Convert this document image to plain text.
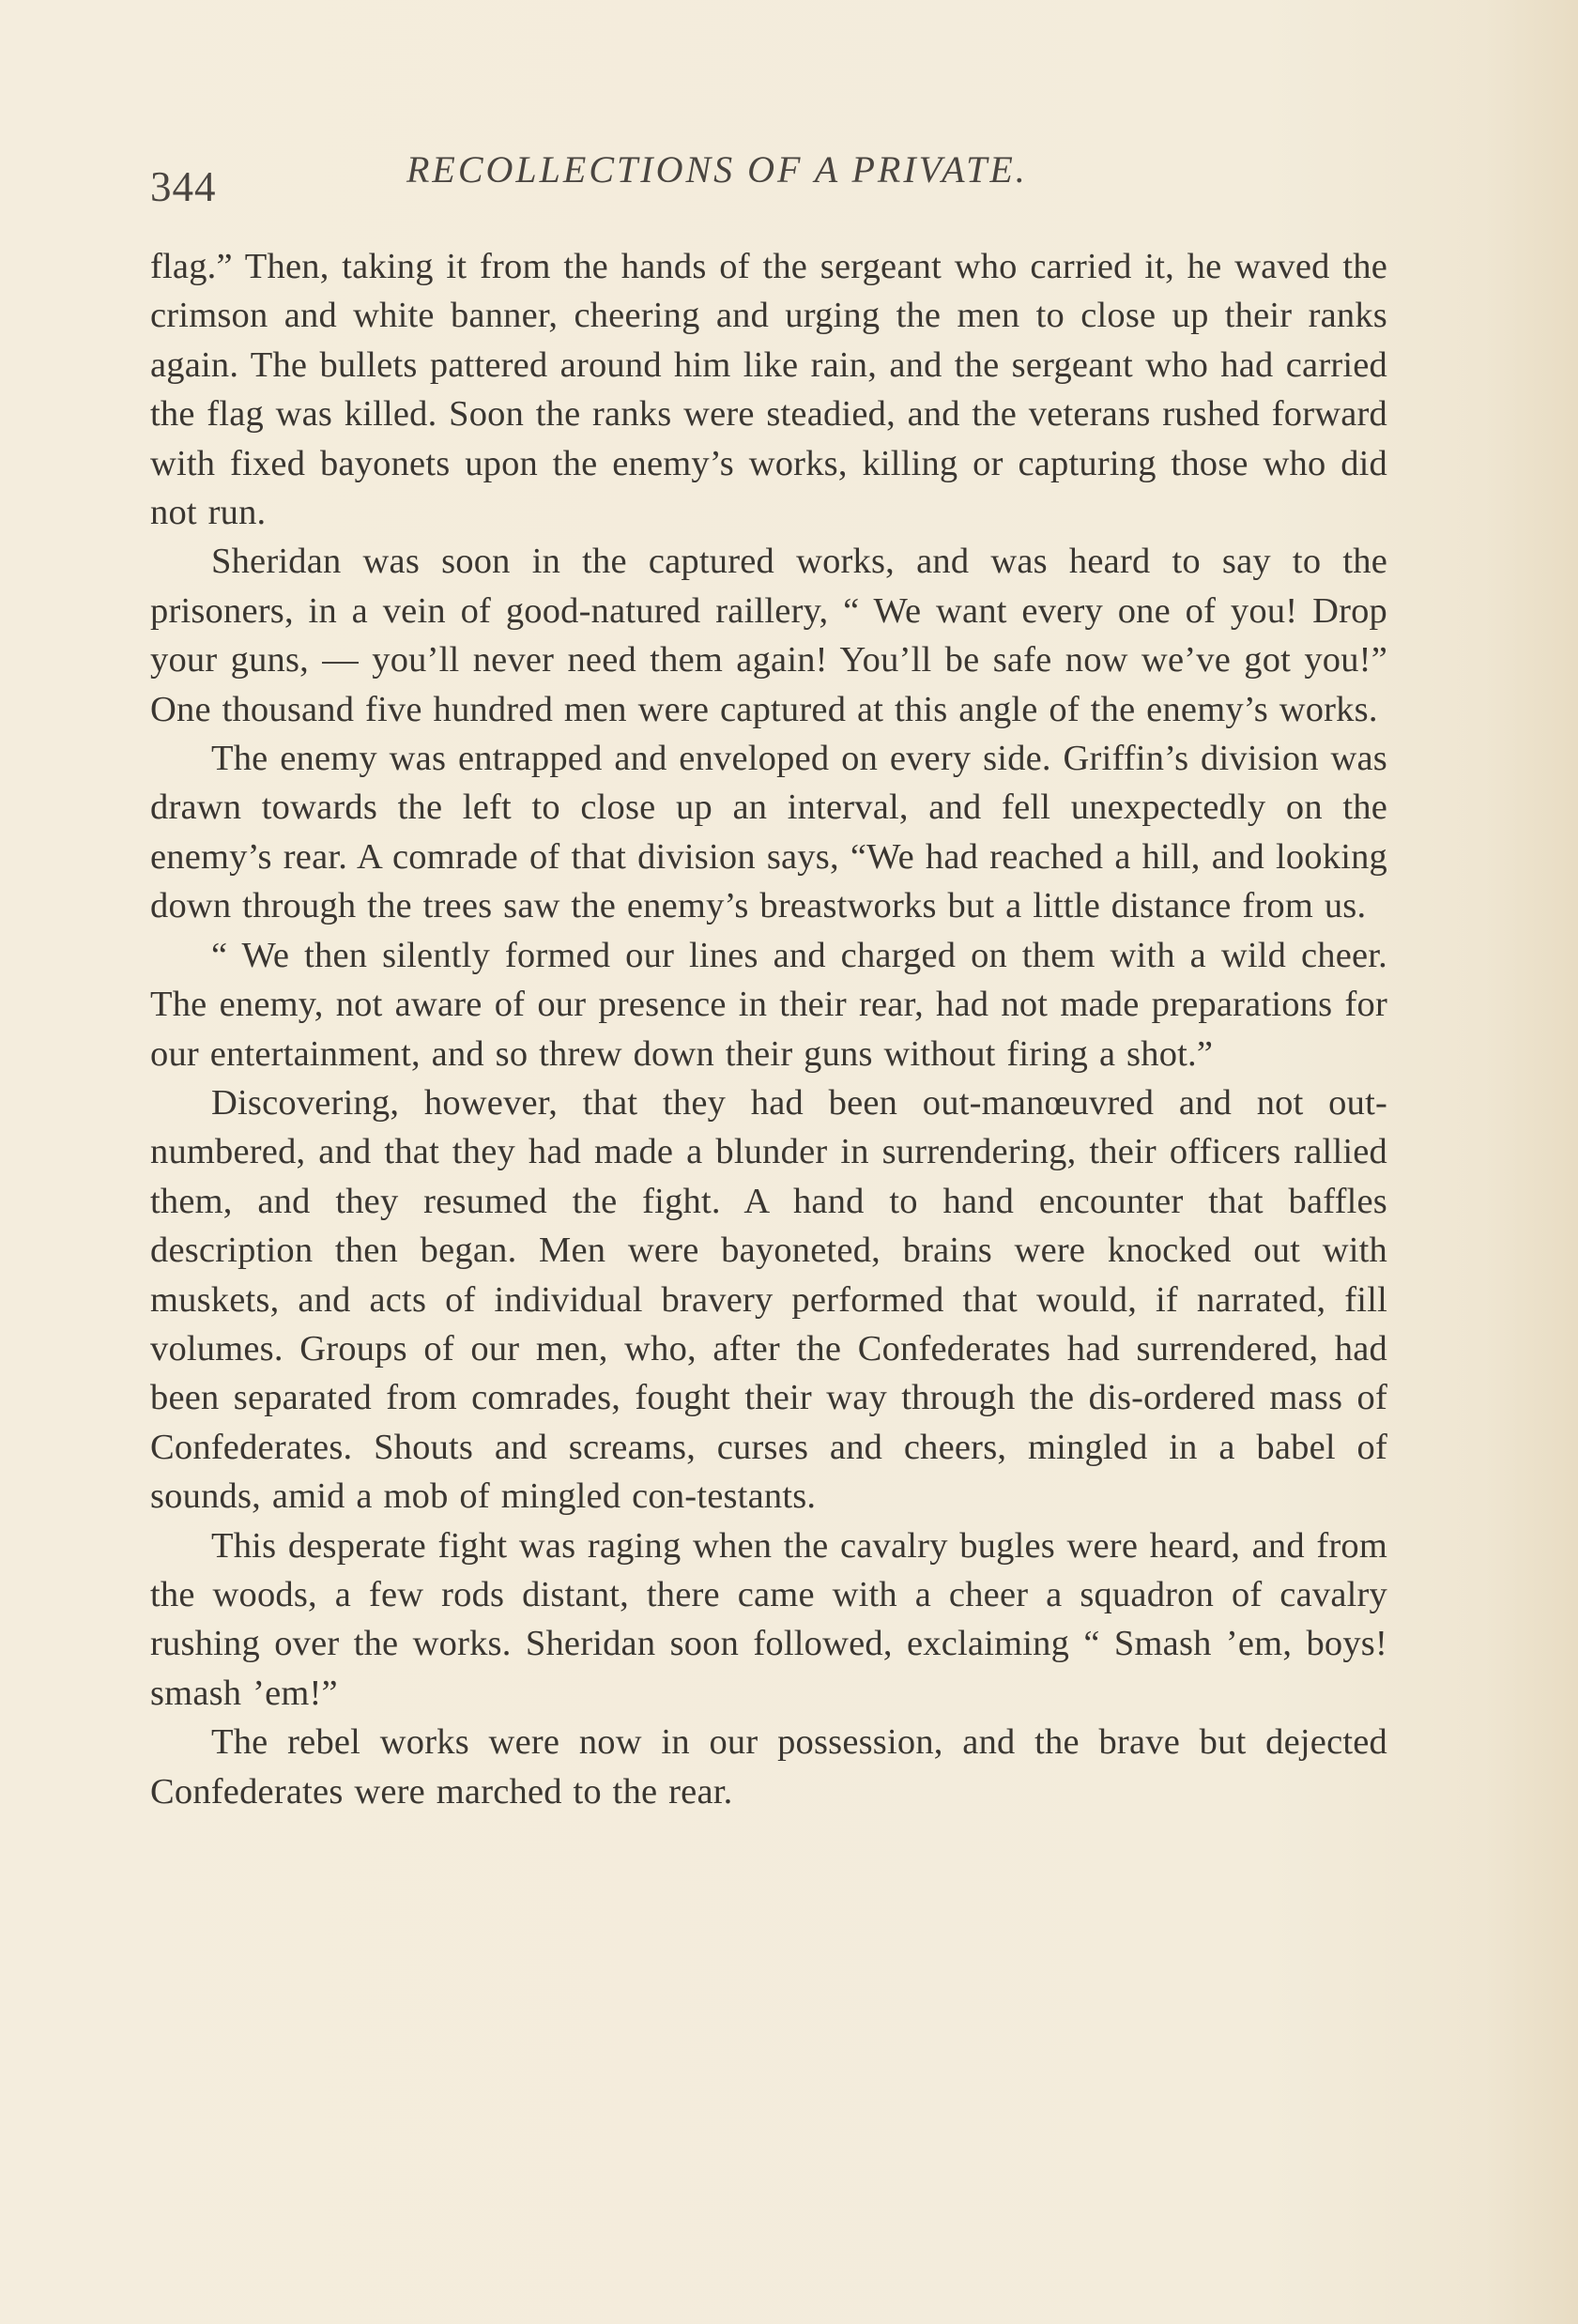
344	RECOLLECTIONS OF A PRIVATE.

flag.” Then, taking it from the hands of the sergeant who carried it, he waved the crimson and white banner, cheering and urging the men to close up their ranks again. The bullets pattered around him like rain, and the sergeant who had carried the flag was killed. Soon the ranks were steadied, and the veterans rushed forward with fixed bayonets upon the enemy’s works, killing or capturing those who did not run.

Sheridan was soon in the captured works, and was heard to say to the prisoners, in a vein of good-natured raillery, “ We want every one of you! Drop your guns, — you’ll never need them again! You’ll be safe now we’ve got you!” One thousand five hundred men were captured at this angle of the enemy’s works.

The enemy was entrapped and enveloped on every side. Griffin’s division was drawn towards the left to close up an interval, and fell unexpectedly on the enemy’s rear. A comrade of that division says, “We had reached a hill, and looking down through the trees saw the enemy’s breastworks but a little distance from us.

“ We then silently formed our lines and charged on them with a wild cheer. The enemy, not aware of our presence in their rear, had not made preparations for our entertainment, and so threw down their guns without firing a shot.”

Discovering, however, that they had been out-manœuvred and not out-numbered, and that they had made a blunder in surrendering, their officers rallied them, and they resumed the fight. A hand to hand encounter that baffles description then began. Men were bayoneted, brains were knocked out with muskets, and acts of individual bravery performed that would, if narrated, fill volumes. Groups of our men, who, after the Confederates had surrendered, had been separated from comrades, fought their way through the dis-ordered mass of Confederates. Shouts and screams, curses and cheers, mingled in a babel of sounds, amid a mob of mingled con-testants.

This desperate fight was raging when the cavalry bugles were heard, and from the woods, a few rods distant, there came with a cheer a squadron of cavalry rushing over the works. Sheridan soon followed, exclaiming “ Smash ’em, boys! smash ’em!”

The rebel works were now in our possession, and the brave but dejected Confederates were marched to the rear.
